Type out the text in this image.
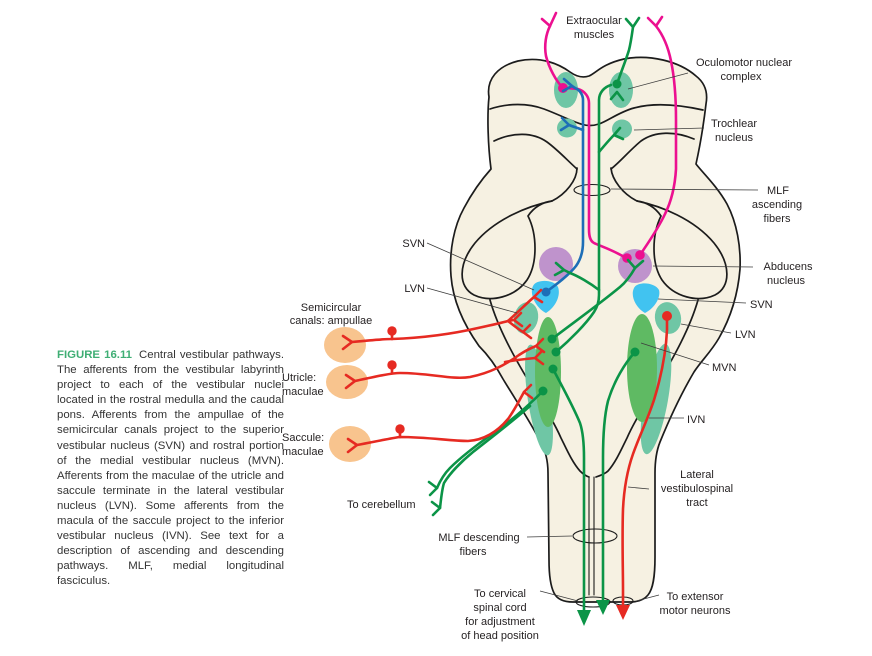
Extraocular
muscles
Oculomotor nuclear
complex
Trochlear
nucleus
MLF
ascending
fibers
Abducens
nucleus
SVN
LVN
MVN
IVN
Lateral
vestibulospinal
tract
SVN
LVN
Semicircular
canals: ampullae
Utricle:
maculae
Saccule:
maculae
To cerebellum
MLF descending
fibers
To cervical
spinal cord
for adjustment
of head position
To extensor
motor neurons
FIGURE 16.11 Central vestibular pathways. The afferents from the vestibular labyrinth project to each of the vestibular nuclei located in the rostral medulla and the caudal pons. Afferents from the ampullae of the semicircular canals project to the superior vestibular nucleus (SVN) and rostral portion of the medial vestibular nucleus (MVN). Afferents from the maculae of the utricle and saccule terminate in the lateral vestibular nucleus (LVN). Some afferents from the macula of the saccule project to the inferior vestibular nucleus (IVN). See text for a description of ascending and descending pathways. MLF, medial longitudinal fasciculus.
